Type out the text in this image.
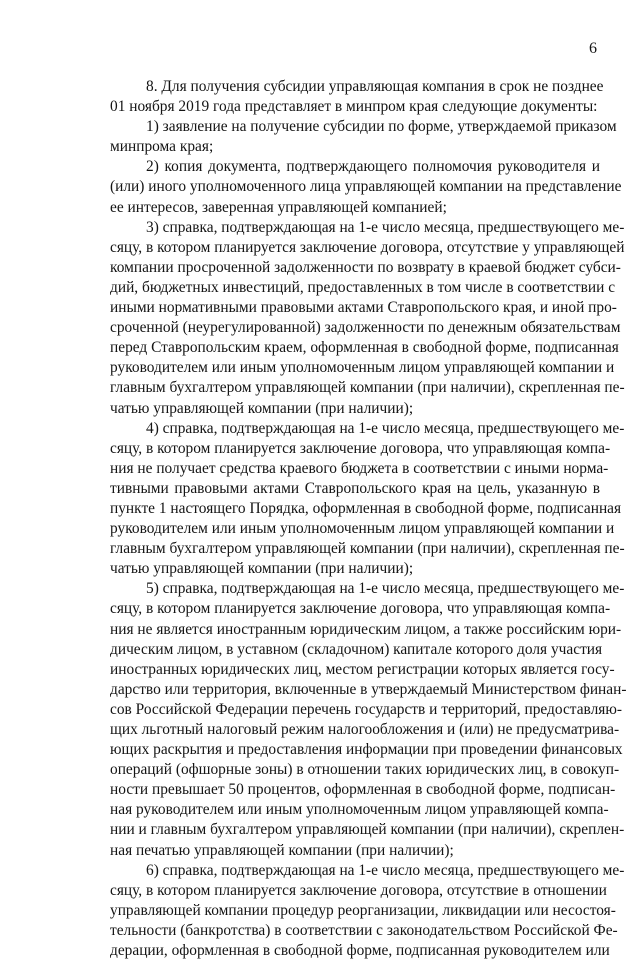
6
8. Для получения субсидии управляющая компания в срок не позднее
01 ноября 2019 года представляет в минпром края следующие документы:
1) заявление на получение субсидии по форме, утверждаемой приказом
минпрома края;
2) копия документа, подтверждающего полномочия руководителя и
(или) иного уполномоченного лица управляющей компании на представление
ее интересов, заверенная управляющей компанией;
3) справка, подтверждающая на 1-е число месяца, предшествующего ме-
сяцу, в котором планируется заключение договора, отсутствие у управляющей
компании просроченной задолженности по возврату в краевой бюджет субси-
дий, бюджетных инвестиций, предоставленных в том числе в соответствии с
иными нормативными правовыми актами Ставропольского края, и иной про-
сроченной (неурегулированной) задолженности по денежным обязательствам
перед Ставропольским краем, оформленная в свободной форме, подписанная
руководителем или иным уполномоченным лицом управляющей компании и
главным бухгалтером управляющей компании (при наличии), скрепленная пе-
чатью управляющей компании (при наличии);
4) справка, подтверждающая на 1-е число месяца, предшествующего ме-
сяцу, в котором планируется заключение договора, что управляющая компа-
ния не получает средства краевого бюджета в соответствии с иными норма-
тивными правовыми актами Ставропольского края на цель, указанную в
пункте 1 настоящего Порядка, оформленная в свободной форме, подписанная
руководителем или иным уполномоченным лицом управляющей компании и
главным бухгалтером управляющей компании (при наличии), скрепленная пе-
чатью управляющей компании (при наличии);
5) справка, подтверждающая на 1-е число месяца, предшествующего ме-
сяцу, в котором планируется заключение договора, что управляющая компа-
ния не является иностранным юридическим лицом, а также российским юри-
дическим лицом, в уставном (складочном) капитале которого доля участия
иностранных юридических лиц, местом регистрации которых является госу-
дарство или территория, включенные в утверждаемый Министерством финан-
сов Российской Федерации перечень государств и территорий, предоставляю-
щих льготный налоговый режим налогообложения и (или) не предусматрива-
ющих раскрытия и предоставления информации при проведении финансовых
операций (офшорные зоны) в отношении таких юридических лиц, в совокуп-
ности превышает 50 процентов, оформленная в свободной форме, подписан-
ная руководителем или иным уполномоченным лицом управляющей компа-
нии и главным бухгалтером управляющей компании (при наличии), скреплен-
ная печатью управляющей компании (при наличии);
6) справка, подтверждающая на 1-е число месяца, предшествующего ме-
сяцу, в котором планируется заключение договора, отсутствие в отношении
управляющей компании процедур реорганизации, ликвидации или несостоя-
тельности (банкротства) в соответствии с законодательством Российской Фе-
дерации, оформленная в свободной форме, подписанная руководителем или
